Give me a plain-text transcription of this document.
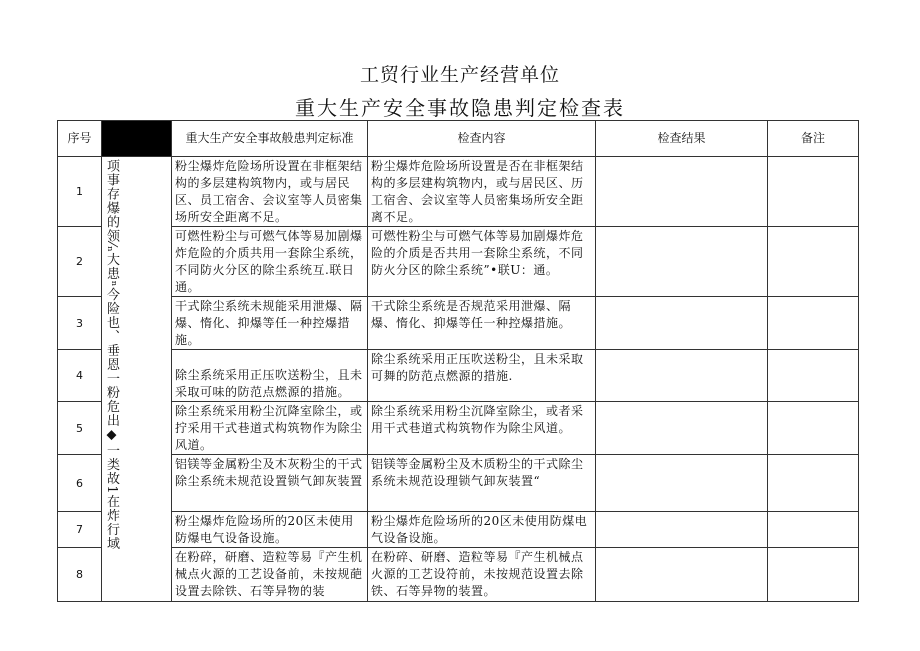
工贸行业生产经营单位
重大生产安全事故隐患判定检查表
序号		重大生产安全事故般患判定标准	检查内容	检查结果	备注
1	项事存爆的领⁄ₙ大患ⁿ今险也、垂恩一粉危出◆一类故1在炸行域	粉尘爆炸危险场所设置在非框架结构的多层建构筑物内，或与居民区、员工宿舍、会议室等人员密集场所安全距离不足。	粉尘爆炸危险场所设置是否在非框架结构的多层建构筑物内，或与居民区、历工宿舍、会议室等人员密集场所安全距离不足。		
2		可燃性粉尘与可燃气体等易加剧爆炸危险的介质共用一套除尘系统，不同防火分区的除尘系统互.联日通。	可燃性粉尘与可燃气体等易加剧爆炸危险的介质是否共用一套除尘系统，不同防火分区的除尘系统”•联U：通。		
3		干式除尘系统未规能采用泄爆、隔爆、惰化、抑爆等任一种控爆措施。	干式除尘系统是否规范采用泄爆、隔爆、惰化、抑爆等任一种控爆措施。		
4		除尘系统采用正压吹送粉尘，且未采取可味的防范点燃源的措施。	除尘系统采用正压吹送粉尘，且未采取可舞的防范点燃源的措施.		
5		除尘系统采用粉尘沉降室除尘，或拧采用干式巷道式构筑物作为除尘风道。	除尘系统采用粉尘沉降室除尘，或者采用干式巷道式构筑物作为除尘风道。		
6		铝镁等金属粉尘及木灰粉尘的干式除尘系统未规范设置锁气卸灰装置	铝镁等金属粉尘及木质粉尘的干式除尘系统未规范设理锁气卸灰装置“		
7		粉尘爆炸危险场所的20区未使用防爆电气设备设施。	粉尘爆炸危险场所的20区未使用防煤电气设备设施。		
8		在粉碎，研磨、造粒等易『产生机械点火源的工艺设备前，未按规葩设置去除铁、石等异物的装	在粉碎、研磨、造粒等易『产生机械点火源的工艺设符前，未按规范设置去除铁、石等异物的装置。		
